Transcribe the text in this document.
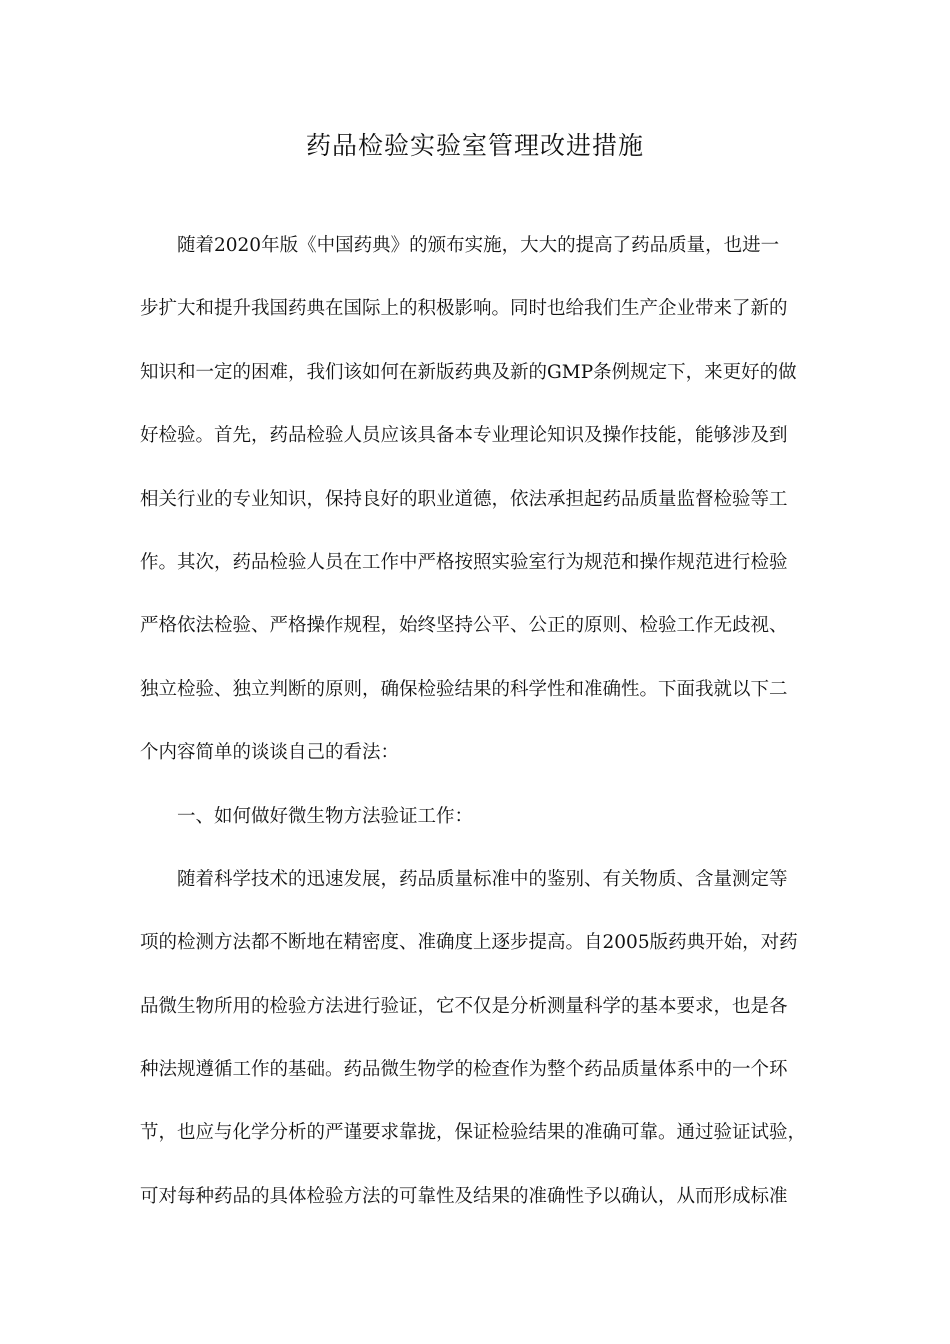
药品检验实验室管理改进措施
随着2020年版《中国药典》的颁布实施，大大的提高了药品质量，也进一
步扩大和提升我国药典在国际上的积极影响。同时也给我们生产企业带来了新的
知识和一定的困难，我们该如何在新版药典及新的GMP条例规定下，来更好的做
好检验。首先，药品检验人员应该具备本专业理论知识及操作技能，能够涉及到
相关行业的专业知识，保持良好的职业道德，依法承担起药品质量监督检验等工
作。其次，药品检验人员在工作中严格按照实验室行为规范和操作规范进行检验
严格依法检验、严格操作规程，始终坚持公平、公正的原则、检验工作无歧视、
独立检验、独立判断的原则，确保检验结果的科学性和准确性。下面我就以下二
个内容简单的谈谈自己的看法：
一、如何做好微生物方法验证工作：
随着科学技术的迅速发展，药品质量标准中的鉴别、有关物质、含量测定等
项的检测方法都不断地在精密度、准确度上逐步提高。自2005版药典开始，对药
品微生物所用的检验方法进行验证，它不仅是分析测量科学的基本要求，也是各
种法规遵循工作的基础。药品微生物学的检查作为整个药品质量体系中的一个环
节，也应与化学分析的严谨要求靠拢，保证检验结果的准确可靠。通过验证试验，
可对每种药品的具体检验方法的可靠性及结果的准确性予以确认，从而形成标准
